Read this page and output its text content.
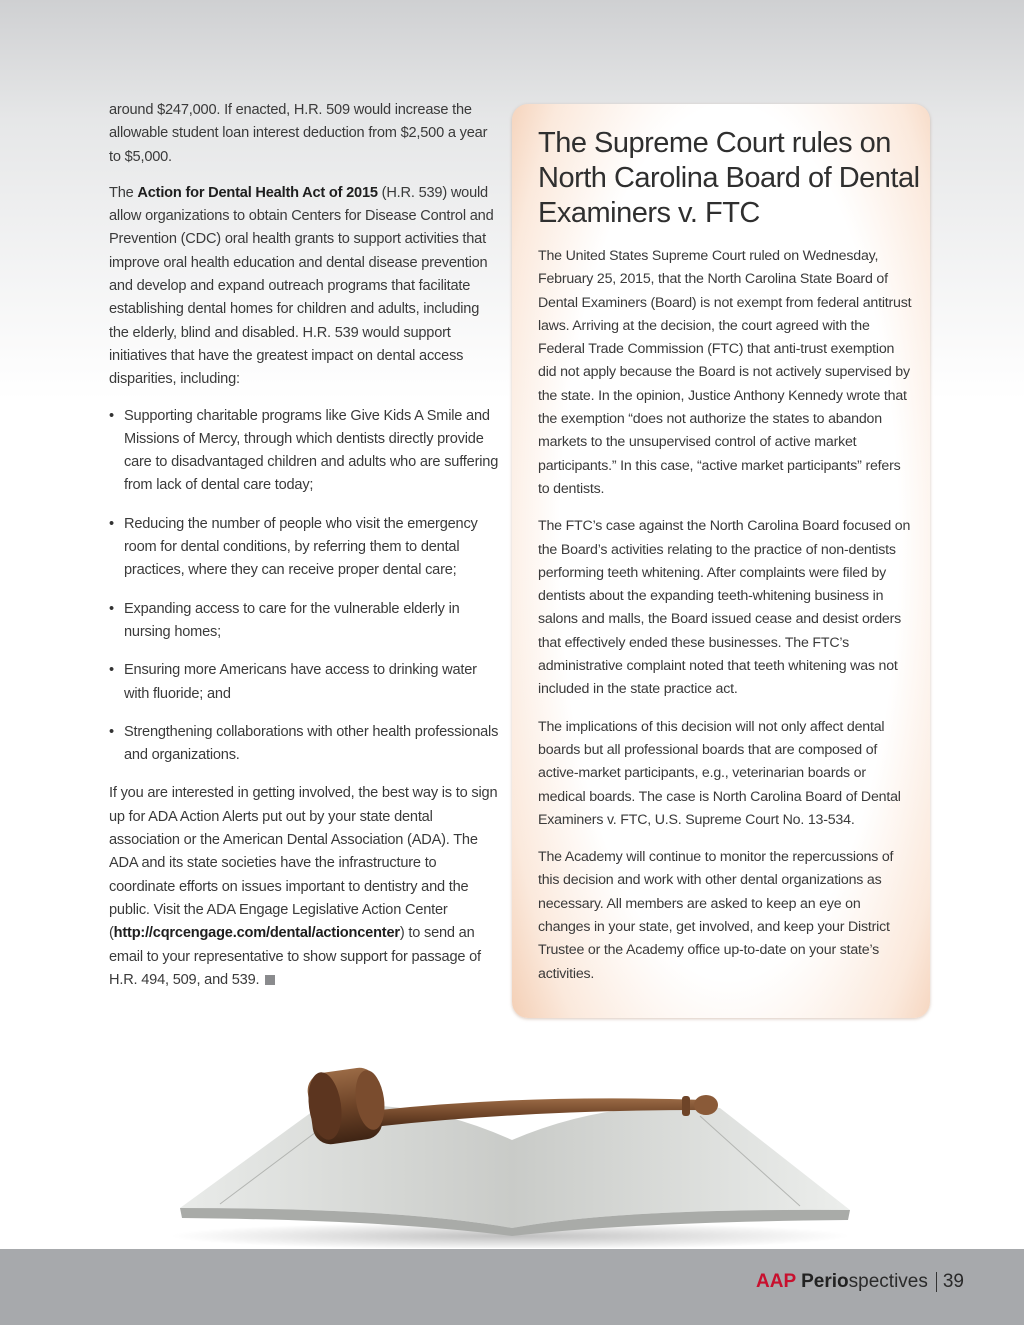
around $247,000. If enacted, H.R. 509 would increase the allowable student loan interest deduction from $2,500 a year to $5,000.

The Action for Dental Health Act of 2015 (H.R. 539) would allow organizations to obtain Centers for Disease Control and Prevention (CDC) oral health grants to support activities that improve oral health education and dental disease prevention and develop and expand outreach programs that facilitate establishing dental homes for children and adults, including the elderly, blind and disabled. H.R. 539 would support initiatives that have the greatest impact on dental access disparities, including:

• Supporting charitable programs like Give Kids A Smile and Missions of Mercy, through which dentists directly provide care to disadvantaged children and adults who are suffering from lack of dental care today;
• Reducing the number of people who visit the emergency room for dental conditions, by referring them to dental practices, where they can receive proper dental care;
• Expanding access to care for the vulnerable elderly in nursing homes;
• Ensuring more Americans have access to drinking water with fluoride; and
• Strengthening collaborations with other health professionals and organizations.

If you are interested in getting involved, the best way is to sign up for ADA Action Alerts put out by your state dental association or the American Dental Association (ADA). The ADA and its state societies have the infrastructure to coordinate efforts on issues important to dentistry and the public. Visit the ADA Engage Legislative Action Center (http://cqrcengage.com/dental/actioncenter) to send an email to your representative to show support for passage of H.R. 494, 509, and 539.

The Supreme Court rules on North Carolina Board of Dental Examiners v. FTC

The United States Supreme Court ruled on Wednesday, February 25, 2015, that the North Carolina State Board of Dental Examiners (Board) is not exempt from federal antitrust laws. Arriving at the decision, the court agreed with the Federal Trade Commission (FTC) that anti-trust exemption did not apply because the Board is not actively supervised by the state. In the opinion, Justice Anthony Kennedy wrote that the exemption “does not authorize the states to abandon markets to the unsupervised control of active market participants.” In this case, “active market participants” refers to dentists.

The FTC’s case against the North Carolina Board focused on the Board’s activities relating to the practice of non-dentists performing teeth whitening. After complaints were filed by dentists about the expanding teeth-whitening business in salons and malls, the Board issued cease and desist orders that effectively ended these businesses. The FTC’s administrative complaint noted that teeth whitening was not included in the state practice act.

The implications of this decision will not only affect dental boards but all professional boards that are composed of active-market participants, e.g., veterinarian boards or medical boards. The case is North Carolina Board of Dental Examiners v. FTC, U.S. Supreme Court No. 13-534.

The Academy will continue to monitor the repercussions of this decision and work with other dental organizations as necessary. All members are asked to keep an eye on changes in your state, get involved, and keep your District Trustee or the Academy office up-to-date on your state’s activities.

AAP Perio spectives 39
